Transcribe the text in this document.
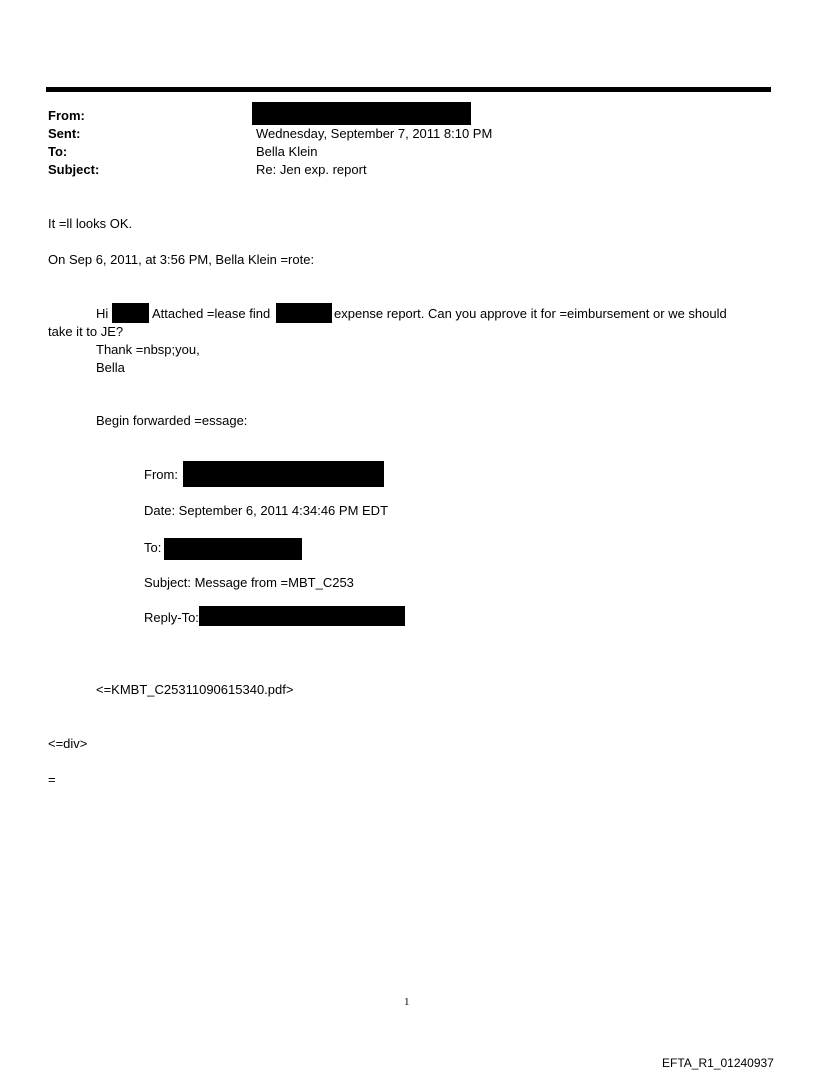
From:
Sent:	Wednesday, September 7, 2011 8:10 PM
To:	Bella Klein
Subject:	Re: Jen exp. report
It =ll looks OK.
On Sep 6, 2011, at 3:56 PM, Bella Klein =rote:
Hi	Attached =lease find	expense report. Can you approve it for =eimbursement or we should
take it to JE?
Thank =nbsp;you,
Bella
Begin forwarded =essage:
From:
Date: September 6, 2011 4:34:46 PM EDT
To:
Subject: Message from =MBT_C253
Reply-To:
<=KMBT_C25311090615340.pdf>
<=div>
=
1
EFTA_R1_01240937
